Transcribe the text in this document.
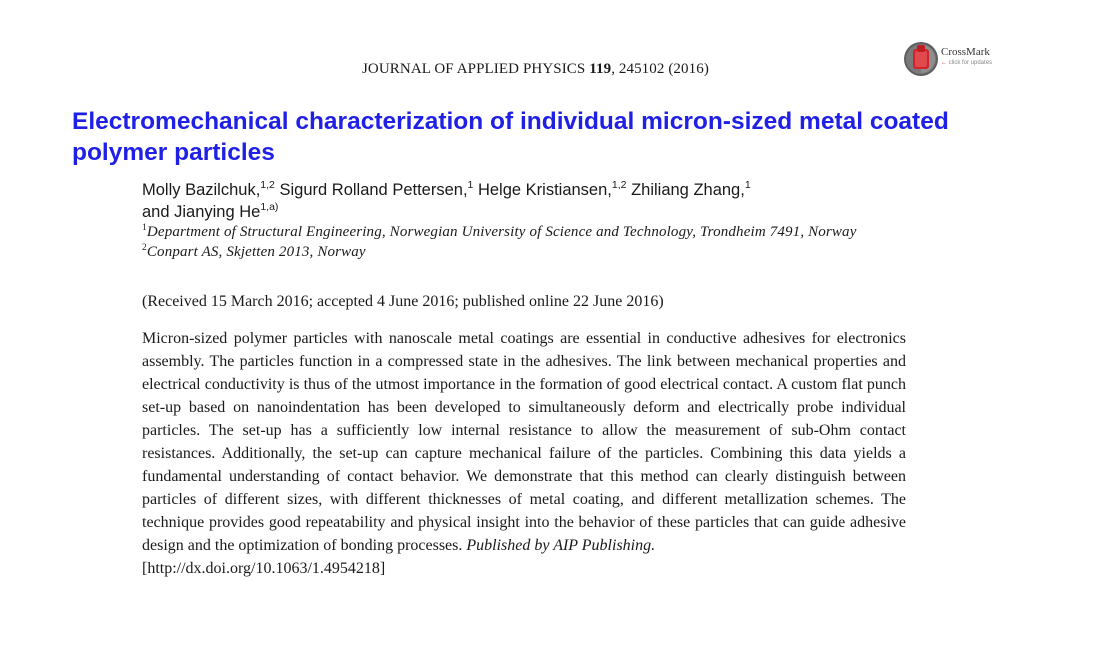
JOURNAL OF APPLIED PHYSICS 119, 245102 (2016)
CrossMark
← click for updates
Electromechanical characterization of individual micron-sized metal coated polymer particles
Molly Bazilchuk,$^{1,2}$ Sigurd Rolland Pettersen,$^1$ Helge Kristiansen,$^{1,2}$ Zhiliang Zhang,$^1$
and Jianying He$^{1,a)}$
$^1$Department of Structural Engineering, Norwegian University of Science and Technology, Trondheim 7491, Norway
$^2$Conpart AS, Skjetten 2013, Norway
(Received 15 March 2016; accepted 4 June 2016; published online 22 June 2016)
Micron-sized polymer particles with nanoscale metal coatings are essential in conductive adhesives for electronics assembly. The particles function in a compressed state in the adhesives. The link between mechanical properties and electrical conductivity is thus of the utmost importance in the formation of good electrical contact. A custom flat punch set-up based on nanoindentation has been developed to simultaneously deform and electrically probe individual particles. The set-up has a sufficiently low internal resistance to allow the measurement of sub-Ohm contact resistances. Additionally, the set-up can capture mechanical failure of the particles. Combining this data yields a fundamental understanding of contact behavior. We demonstrate that this method can clearly distinguish between particles of different sizes, with different thicknesses of metal coating, and different metallization schemes. The technique provides good repeatability and physical insight into the behavior of these particles that can guide adhesive design and the optimization of bonding processes. Published by AIP Publishing.
[http://dx.doi.org/10.1063/1.4954218]
